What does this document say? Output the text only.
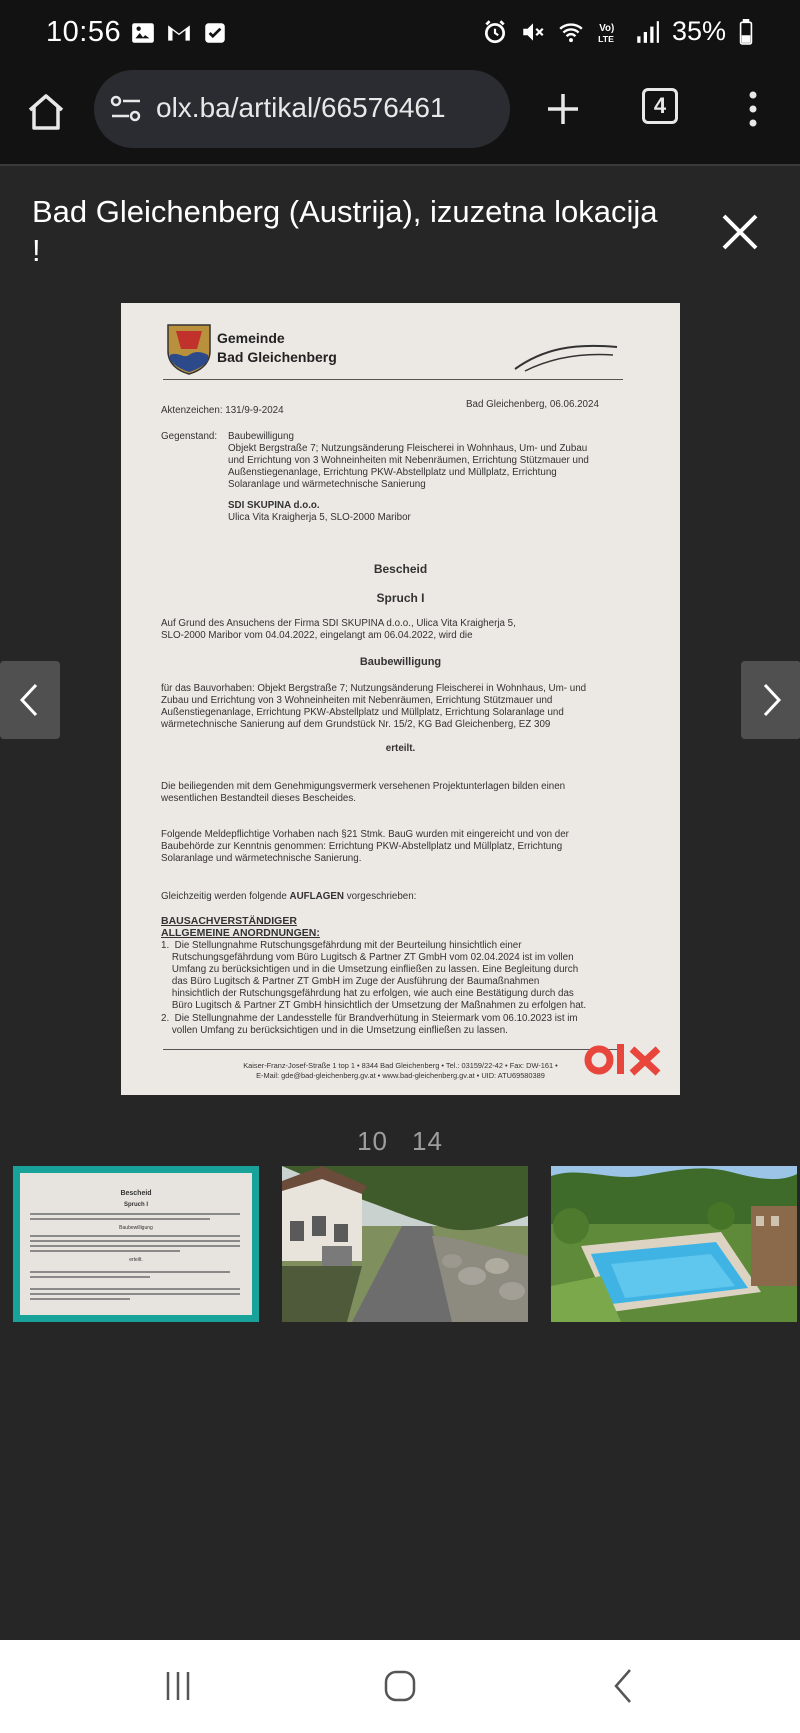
10:56	Vo)
LTE 35%
olx.ba/artikal/66576461	4
Bad Gleichenberg (Austrija), izuzetna lokacija !
Gemeinde
Bad Gleichenberg
Aktenzeichen: 131/9-9-2024
Bad Gleichenberg, 06.06.2024
Gegenstand: Baubewilligung
Objekt Bergstraße 7; Nutzungsänderung Fleischerei in Wohnhaus, Um- und Zubau
und Errichtung von 3 Wohneinheiten mit Nebenräumen, Errichtung Stützmauer und
Außenstiegenanlage, Errichtung PKW-Abstellplatz und Müllplatz, Errichtung
Solaranlage und wärmetechnische Sanierung
SDI SKUPINA d.o.o.
Ulica Vita Kraigherja 5, SLO-2000 Maribor
Bescheid
Spruch I
Auf Grund des Ansuchens der Firma SDI SKUPINA d.o.o., Ulica Vita Kraigherja 5,
SLO-2000 Maribor vom 04.04.2022, eingelangt am 06.04.2022, wird die
Baubewilligung
für das Bauvorhaben: Objekt Bergstraße 7; Nutzungsänderung Fleischerei in Wohnhaus, Um- und
Zubau und Errichtung von 3 Wohneinheiten mit Nebenräumen, Errichtung Stützmauer und
Außenstiegenanlage, Errichtung PKW-Abstellplatz und Müllplatz, Errichtung Solaranlage und
wärmetechnische Sanierung auf dem Grundstück Nr. 15/2, KG Bad Gleichenberg, EZ 309
erteilt.
Die beiliegenden mit dem Genehmigungsvermerk versehenen Projektunterlagen bilden einen
wesentlichen Bestandteil dieses Bescheides.
Folgende Meldepflichtige Vorhaben nach §21 Stmk. BauG wurden mit eingereicht und von der
Baubehörde zur Kenntnis genommen: Errichtung PKW-Abstellplatz und Müllplatz, Errichtung
Solaranlage und wärmetechnische Sanierung.
Gleichzeitig werden folgende AUFLAGEN vorgeschrieben:
BAUSACHVERSTÄNDIGER
ALLGEMEINE ANORDNUNGEN:
1.  Die Stellungnahme Rutschungsgefährdung mit der Beurteilung hinsichtlich einer
Rutschungsgefährdung vom Büro Lugitsch & Partner ZT GmbH vom 02.04.2024 ist im vollen
Umfang zu berücksichtigen und in die Umsetzung einfließen zu lassen. Eine Begleitung durch
das Büro Lugitsch & Partner ZT GmbH im Zuge der Ausführung der Baumaßnahmen
hinsichtlich der Rutschungsgefährdung hat zu erfolgen, wie auch eine Bestätigung durch das
Büro Lugitsch & Partner ZT GmbH hinsichtlich der Umsetzung der Maßnahmen zu erfolgen hat.
2.  Die Stellungnahme der Landesstelle für Brandverhütung in Steiermark vom 06.10.2023 ist im
vollen Umfang zu berücksichtigen und in die Umsetzung einfließen zu lassen.
Kaiser-Franz-Josef-Straße 1 top 1 • 8344 Bad Gleichenberg • Tel.: 03159/22-42 • Fax: DW-161 •
E-Mail: gde@bad-gleichenberg.gv.at • www.bad-gleichenberg.gv.at • UID: ATU69580389
10 14
Bescheid
Spruch I
Baubewilligung
erteilt.
